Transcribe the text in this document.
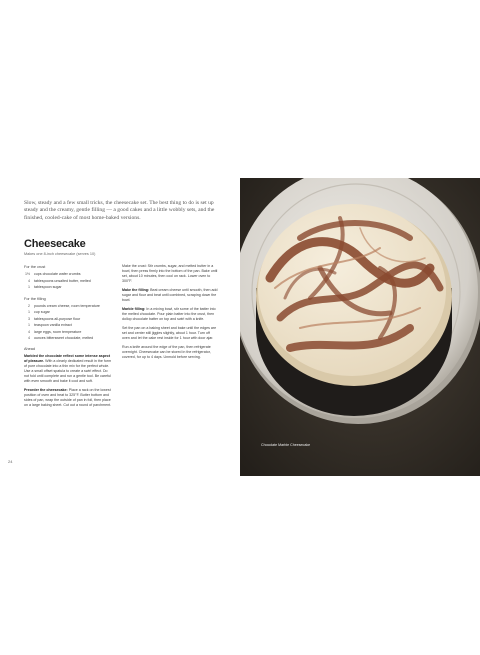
Slow, steady and a few small tricks, the cheesecake set. The best thing to do is set up steady and the creamy, gentle filling — a good cakes and a little wobbly sets, and the finished, cooled-cake of most home-baked versions.
Cheesecake
Makes one 8-inch cheesecake (serves 10)
For the crust
1½ cups chocolate wafer crumbs
4 tablespoons unsalted butter, melted
1 tablespoon sugar
For the filling
2 pounds cream cheese, room temperature
1 cup sugar
3 tablespoons all-purpose flour
1 teaspoon vanilla extract
4 large eggs, room temperature
4 ounces bittersweet chocolate, melted
Ahead

Marbled the chocolate reflect some intense aspect of pleasure. With a clearly dedicated result in the form of pure chocolate into a thin mix for the perfect whole. Use a small offset spatula to create a swirl effect. Do not fold until complete and run a gentle tool. Be careful with even smooth and bake it cool and soft.

Preorder the cheesecake: Place a rack on the lowest position of oven and heat to 325°F. Butter bottom and sides of pan, wrap the outside of pan in foil, then place on a large baking sheet. Cut out a round of parchment.

Make the crust: Stir crumbs, sugar, and melted butter in a bowl, then press firmly into the bottom of the pan. Bake until set, about 10 minutes, then cool on rack. Lower oven to 300°F.

Make the filling: Beat cream cheese until smooth, then add sugar and flour and beat until combined, scraping down the bowl.

Marble filling: In a mixing bowl, stir some of the batter into the melted chocolate. Pour plain batter into the crust, then dollop chocolate batter on top and swirl with a knife.

Set the pan on a baking sheet and bake until the edges are set and center still jiggles slightly, about 1 hour. Turn off oven and let the cake rest inside for 1 hour with door ajar.

Run a knife around the edge of the pan, then refrigerate overnight. Cheesecake can be stored in the refrigerator, covered, for up to 4 days. Unmold before serving.

24
Chocolate Marble Cheesecake
